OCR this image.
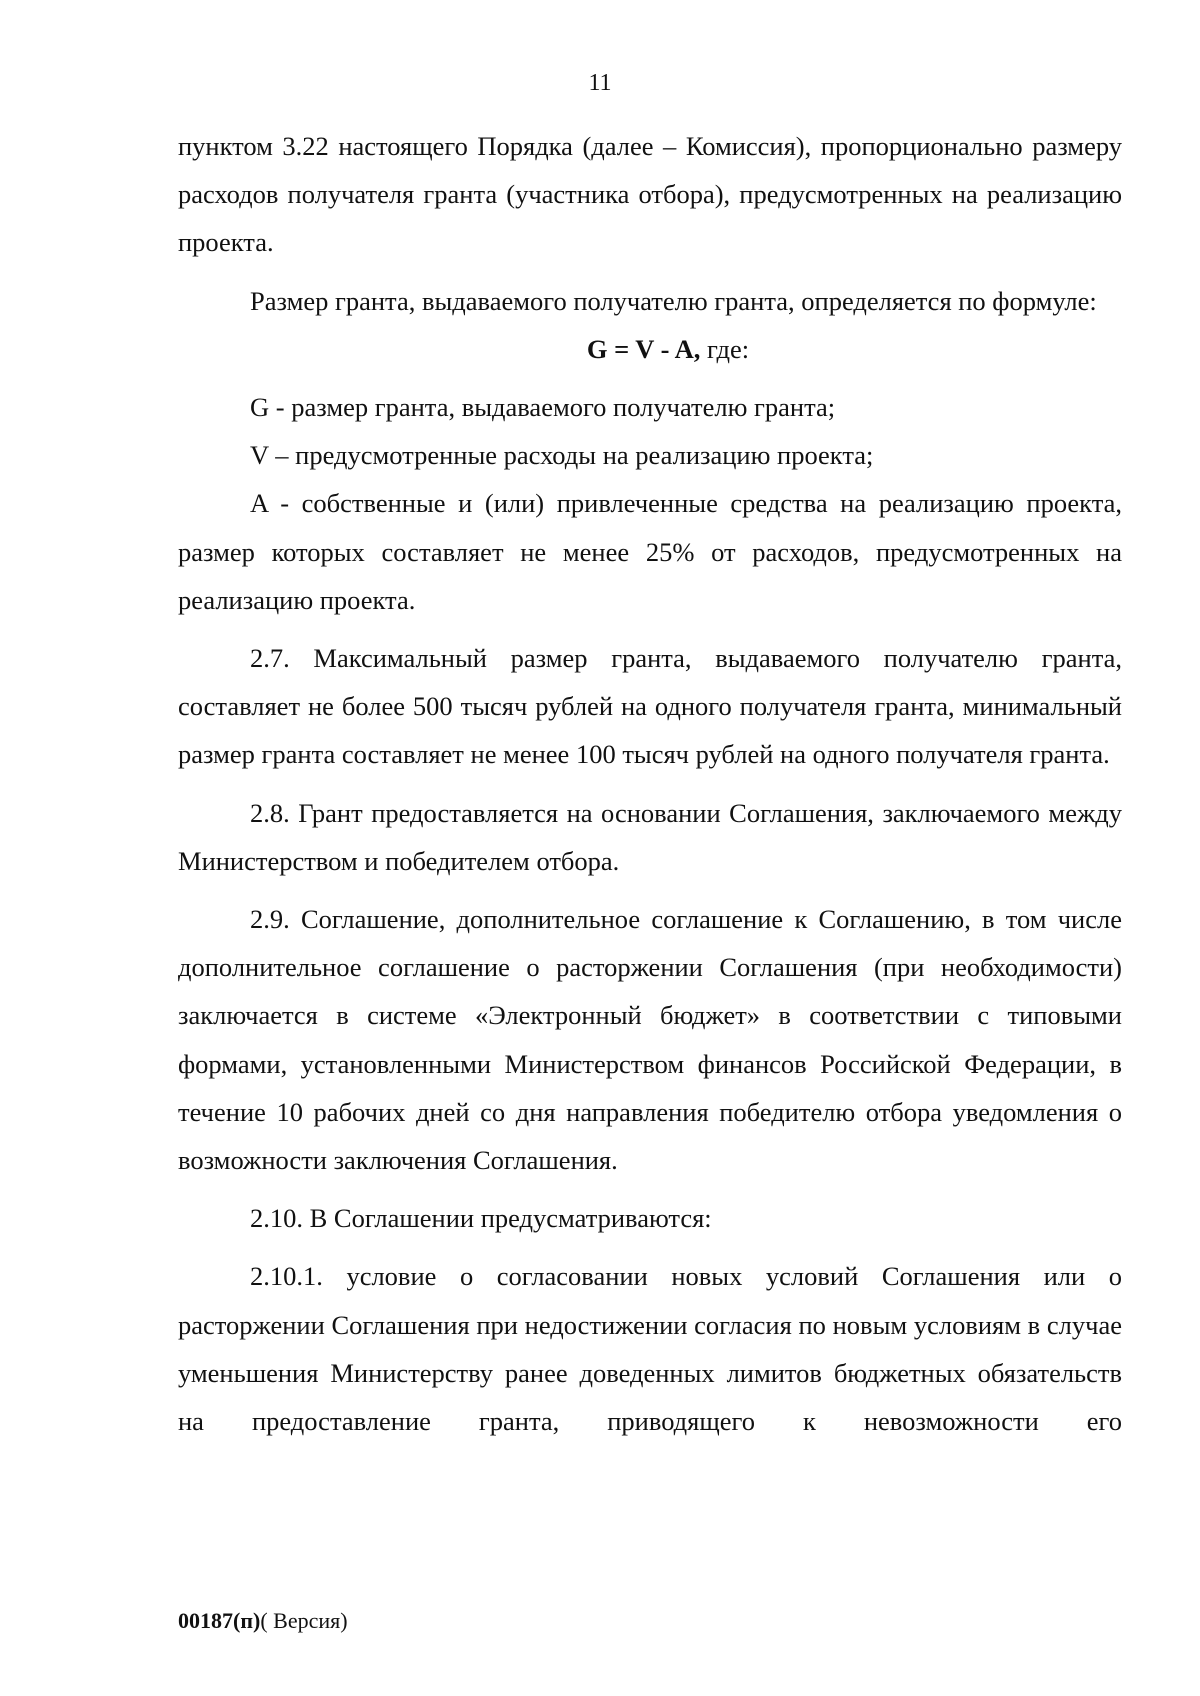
11

пунктом 3.22 настоящего Порядка (далее – Комиссия), пропорционально размеру расходов получателя гранта (участника отбора), предусмотренных на реализацию проекта.

Размер гранта, выдаваемого получателю гранта, определяется по формуле:

G = V - A, где:

G - размер гранта, выдаваемого получателю гранта;

V – предусмотренные расходы на реализацию проекта;

A - собственные и (или) привлеченные средства на реализацию проекта, размер которых составляет не менее 25% от расходов, предусмотренных на реализацию проекта.

2.7. Максимальный размер гранта, выдаваемого получателю гранта, составляет не более 500 тысяч рублей на одного получателя гранта, минимальный размер гранта составляет не менее 100 тысяч рублей на одного получателя гранта.

2.8. Грант предоставляется на основании Соглашения, заключаемого между Министерством и победителем отбора.

2.9. Соглашение, дополнительное соглашение к Соглашению, в том числе дополнительное соглашение о расторжении Соглашения (при необходимости) заключается в системе «Электронный бюджет» в соответствии с типовыми формами, установленными Министерством финансов Российской Федерации, в течение 10 рабочих дней со дня направления победителю отбора уведомления о возможности заключения Соглашения.

2.10. В Соглашении предусматриваются:

2.10.1. условие о согласовании новых условий Соглашения или о расторжении Соглашения при недостижении согласия по новым условиям в случае уменьшения Министерству ранее доведенных лимитов бюджетных обязательств на предоставление гранта, приводящего к невозможности его

00187(п)( Версия)
